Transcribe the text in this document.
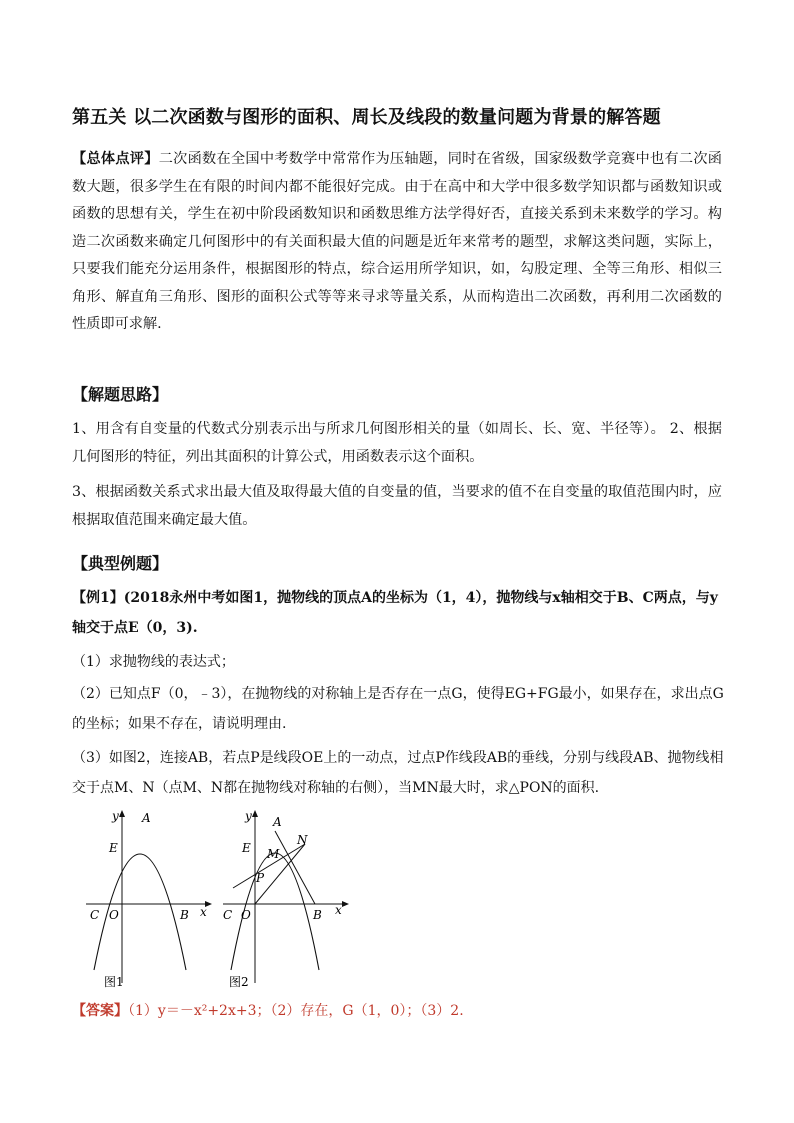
第五关 以二次函数与图形的面积、周长及线段的数量问题为背景的解答题
【总体点评】二次函数在全国中考数学中常常作为压轴题，同时在省级，国家级数学竞赛中也有二次函数大题，很多学生在有限的时间内都不能很好完成。由于在高中和大学中很多数学知识都与函数知识或函数的思想有关，学生在初中阶段函数知识和函数思维方法学得好否，直接关系到未来数学的学习。构造二次函数来确定几何图形中的有关面积最大值的问题是近年来常考的题型，求解这类问题，实际上，只要我们能充分运用条件，根据图形的特点，综合运用所学知识，如，勾股定理、全等三角形、相似三角形、解直角三角形、图形的面积公式等等来寻求等量关系，从而构造出二次函数，再利用二次函数的性质即可求解.
【解题思路】
1、用含有自变量的代数式分别表示出与所求几何图形相关的量（如周长、长、宽、半径等）。 2、根据几何图形的特征，列出其面积的计算公式，用函数表示这个面积。
3、根据函数关系式求出最大值及取得最大值的自变量的值，当要求的值不在自变量的取值范围内时，应根据取值范围来确定最大值。
【典型例题】
【例1】(2018永州中考如图1，抛物线的顶点A的坐标为（1，4），抛物线与x轴相交于B、C两点，与y轴交于点E（0，3).
（1）求抛物线的表达式；
（2）已知点F（0，﹣3），在抛物线的对称轴上是否存在一点G，使得EG+FG最小，如果存在，求出点G的坐标；如果不存在，请说明理由.
（3）如图2，连接AB，若点P是线段OE上的一动点，过点P作线段AB的垂线，分别与线段AB、抛物线相交于点M、N（点M、N都在抛物线对称轴的右侧），当MN最大时，求△PON的面积.
y A
E
C O	B x
图1
y A
N
E M
P
C O	B x
图2
【答案】（1）y＝－x²+2x+3；（2）存在，G（1，0）；（3）2.
